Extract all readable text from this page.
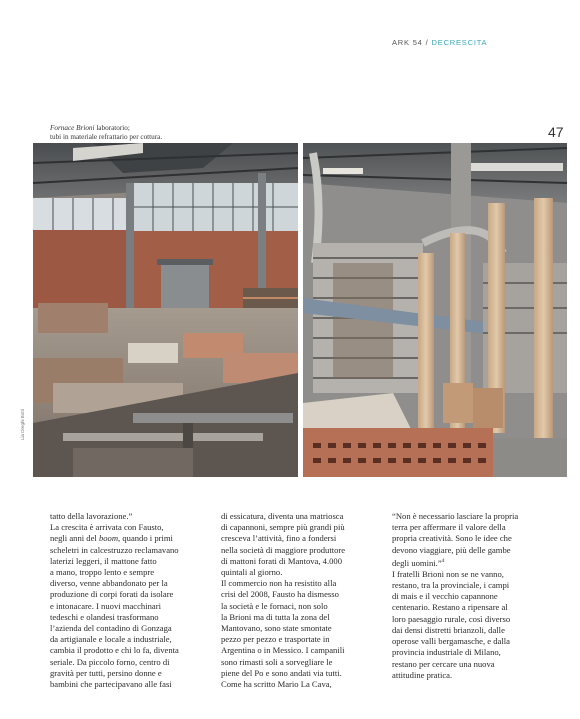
ARK 54 / DECRESCITA
Fornace Brioni laboratorio;
tubi in materiale refrattario per cottura.	47
Lia Dreghi Botti

tatto della lavorazione.”

La crescita è arrivata con Fausto,

negli anni del boom, quando i primi

scheletri in calcestruzzo reclamavano

laterizi leggeri, il mattone fatto

a mano, troppo lento e sempre

diverso, venne abbandonato per la

produzione di corpi forati da isolare

e intonacare. I nuovi macchinari

tedeschi e olandesi trasformano

l’azienda del contadino di Gonzaga

da artigianale e locale a industriale,

cambia il prodotto e chi lo fa, diventa

seriale. Da piccolo forno, centro di

gravità per tutti, persino donne e

bambini che partecipavano alle fasi

di essicatura, diventa una matriosca

di capannoni, sempre più grandi più

cresceva l’attività, fino a fondersi

nella società di maggiore produttore

di mattoni forati di Mantova, 4.000

quintali al giorno.

Il commercio non ha resistito alla

crisi del 2008, Fausto ha dismesso

la società e le fornaci, non solo

la Brioni ma di tutta la zona del

Mantovano, sono state smontate

pezzo per pezzo e trasportate in

Argentina o in Messico. I campanili

sono rimasti soli a sorvegliare le

piene del Po e sono andati via tutti.

Come ha scritto Mario La Cava,

“Non è necessario lasciare la propria

terra per affermare il valore della

propria creatività. Sono le idee che

devono viaggiare, più delle gambe

degli uomini.”$^4$

I fratelli Brioni non se ne vanno,

restano, tra la provinciale, i campi

di mais e il vecchio capannone

centenario. Restano a ripensare al

loro paesaggio rurale, così diverso

dai densi distretti brianzoli, dalle

operose valli bergamasche, e dalla

provincia industriale di Milano,

restano per cercare una nuova

attitudine pratica.
